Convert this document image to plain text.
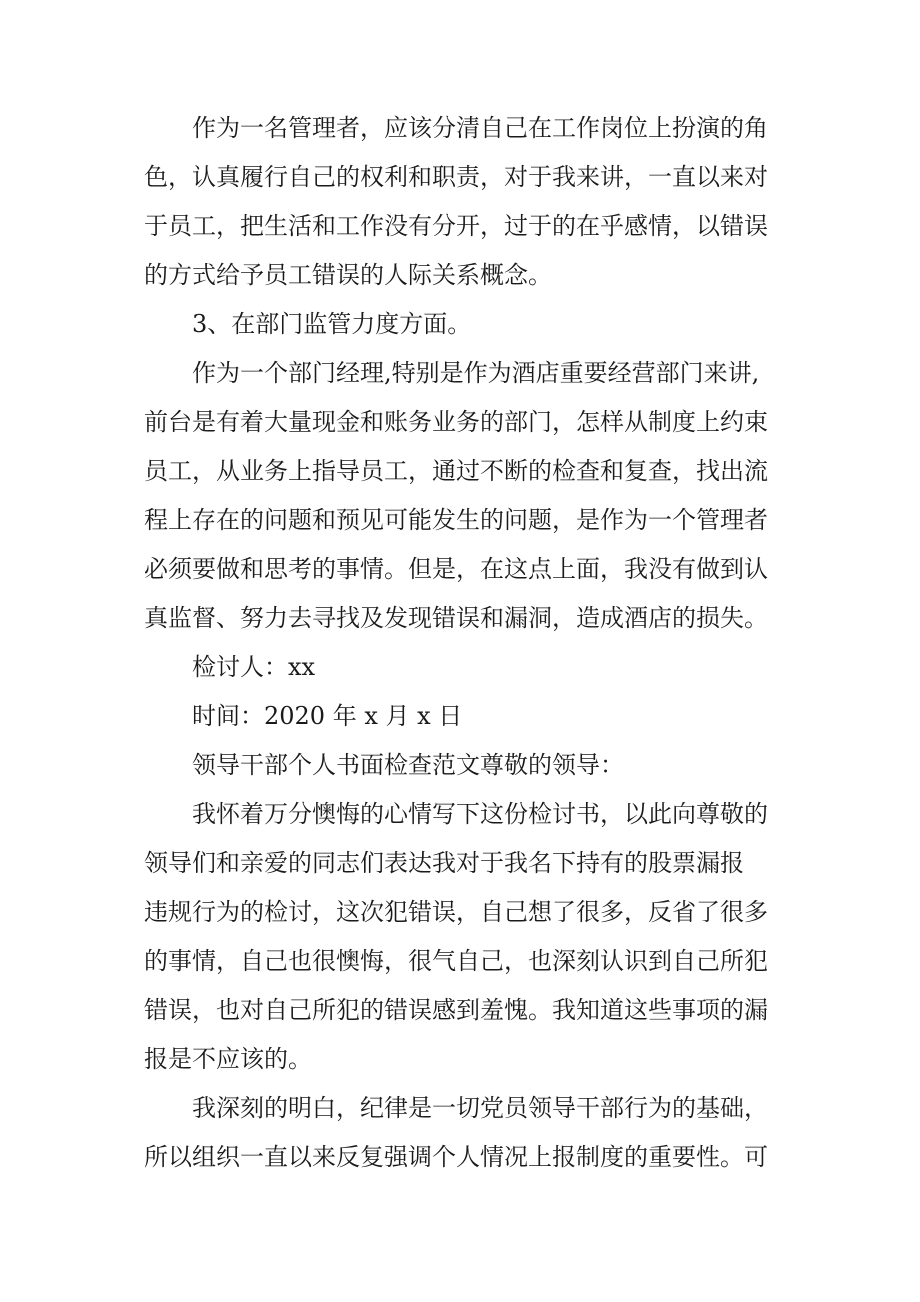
作为一名管理者，应该分清自己在工作岗位上扮演的角
色，认真履行自己的权利和职责，对于我来讲，一直以来对
于员工，把生活和工作没有分开，过于的在乎感情，以错误
的方式给予员工错误的人际关系概念。
3、在部门监管力度方面。
作为一个部门经理,特别是作为酒店重要经营部门来讲,
前台是有着大量现金和账务业务的部门，怎样从制度上约束
员工，从业务上指导员工，通过不断的检查和复查，找出流
程上存在的问题和预见可能发生的问题，是作为一个管理者
必须要做和思考的事情。但是，在这点上面，我没有做到认
真监督、努力去寻找及发现错误和漏洞，造成酒店的损失。
检讨人：xx
时间：2020 年 x 月 x 日
领导干部个人书面检查范文尊敬的领导：
我怀着万分懊悔的心情写下这份检讨书，以此向尊敬的
领导们和亲爱的同志们表达我对于我名下持有的股票漏报
违规行为的检讨，这次犯错误，自己想了很多，反省了很多
的事情，自己也很懊悔，很气自己，也深刻认识到自己所犯
错误，也对自己所犯的错误感到羞愧。我知道这些事项的漏
报是不应该的。
我深刻的明白，纪律是一切党员领导干部行为的基础，
所以组织一直以来反复强调个人情况上报制度的重要性。可
